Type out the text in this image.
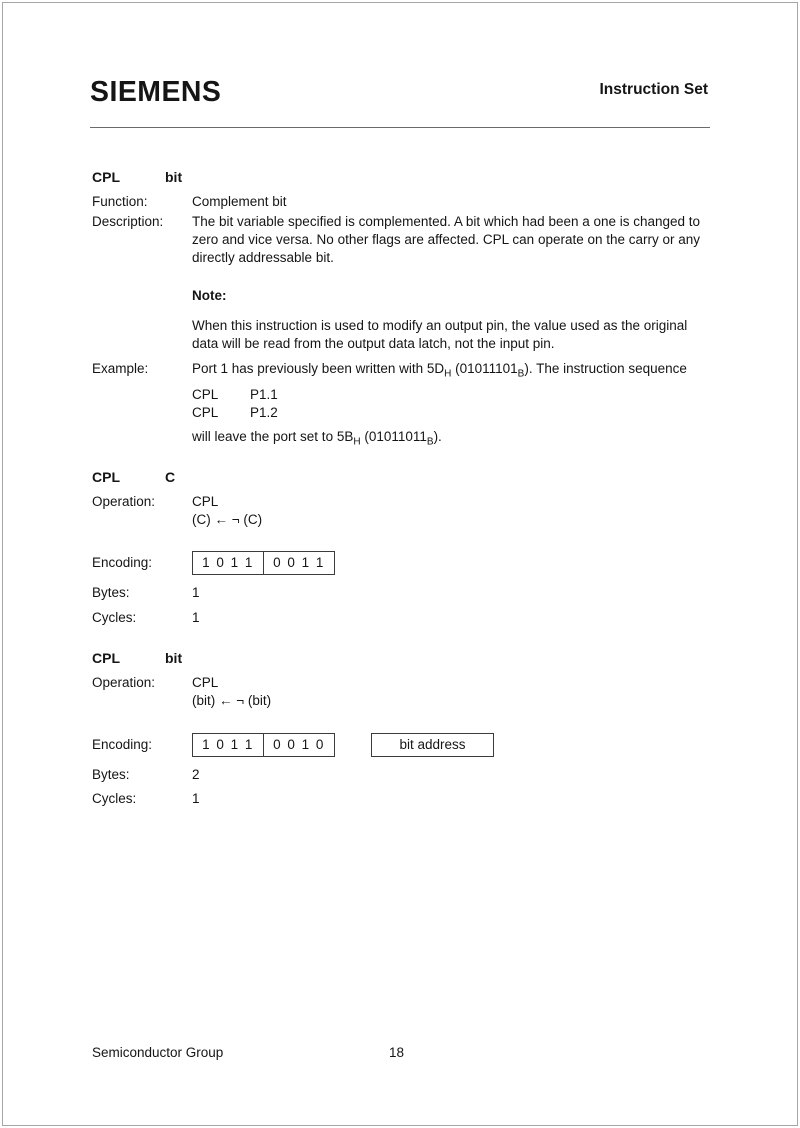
SIEMENS	Instruction Set
CPL	bit
Function:	Complement bit
Description:	The bit variable specified is complemented. A bit which had been a one is changed to zero and vice versa. No other flags are affected. CPL can operate on the carry or any directly addressable bit.
Note:
When this instruction is used to modify an output pin, the value used as the original data will be read from the output data latch, not the input pin.
Example:	Port 1 has previously been written with $5D_H$ $(01011101_B)$. The instruction sequence
CPL P1.1
CPL P1.2
will leave the port set to $5B_H$ $(01011011_B)$.
CPL	C
Operation:	CPL
(C) ← ¬ (C)
Encoding:	1 0 1 1	0 0 1 1
Bytes:	1
Cycles:	1
CPL	bit
Operation:	CPL
(bit) ← ¬ (bit)
Encoding:	1 0 1 1	0 0 1 0	bit address
Bytes:	2
Cycles:	1
Semiconductor Group	18
